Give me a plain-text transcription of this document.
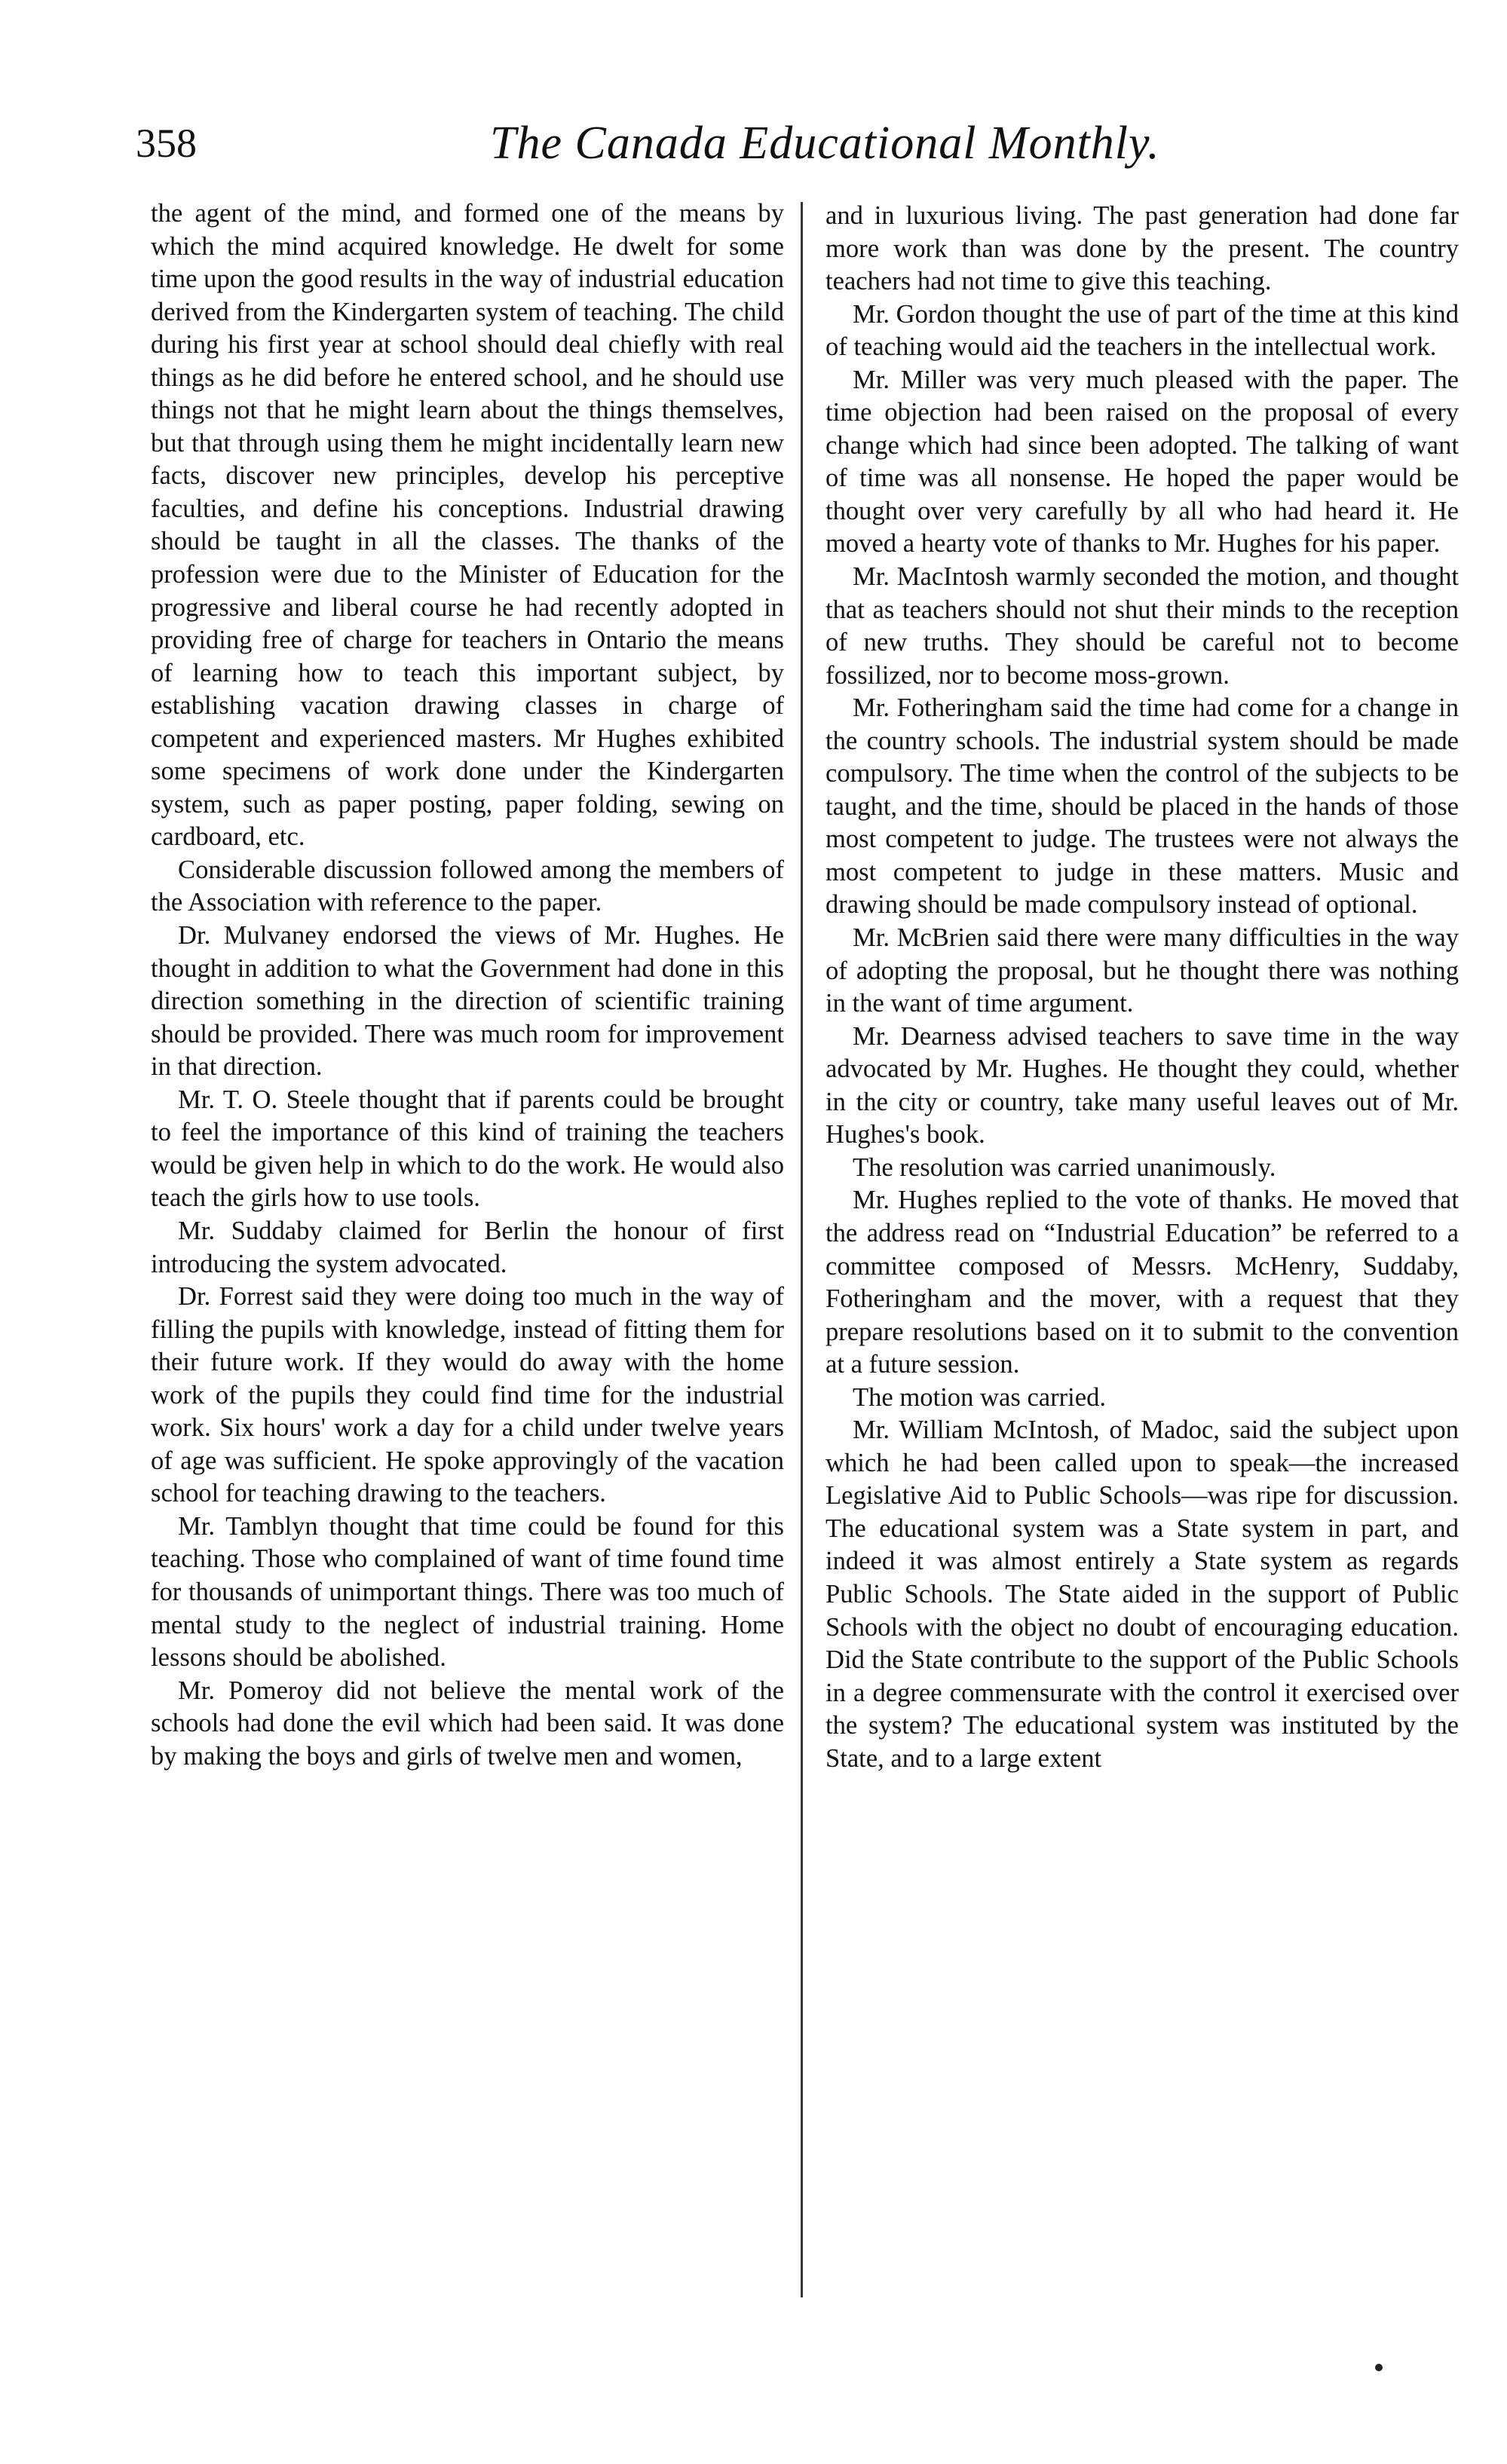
358	The Canada Educational Monthly.

the agent of the mind, and formed one of the means by which the mind acquired knowledge. He dwelt for some time upon the good results in the way of industrial education derived from the Kindergarten system of teaching. The child during his first year at school should deal chiefly with real things as he did before he entered school, and he should use things not that he might learn about the things themselves, but that through using them he might incidentally learn new facts, discover new principles, develop his perceptive faculties, and define his conceptions. Industrial drawing should be taught in all the classes. The thanks of the profession were due to the Minister of Education for the progressive and liberal course he had recently adopted in providing free of charge for teachers in Ontario the means of learning how to teach this important subject, by establishing vacation drawing classes in charge of competent and experienced masters. Mr Hughes exhibited some specimens of work done under the Kindergarten system, such as paper posting, paper folding, sewing on cardboard, etc.

Considerable discussion followed among the members of the Association with reference to the paper.

Dr. Mulvaney endorsed the views of Mr. Hughes. He thought in addition to what the Government had done in this direction something in the direction of scientific training should be provided. There was much room for improvement in that direction.

Mr. T. O. Steele thought that if parents could be brought to feel the importance of this kind of training the teachers would be given help in which to do the work. He would also teach the girls how to use tools.

Mr. Suddaby claimed for Berlin the honour of first introducing the system advocated.

Dr. Forrest said they were doing too much in the way of filling the pupils with knowledge, instead of fitting them for their future work. If they would do away with the home work of the pupils they could find time for the industrial work. Six hours' work a day for a child under twelve years of age was sufficient. He spoke approvingly of the vacation school for teaching drawing to the teachers.

Mr. Tamblyn thought that time could be found for this teaching. Those who complained of want of time found time for thousands of unimportant things. There was too much of mental study to the neglect of industrial training. Home lessons should be abolished.

Mr. Pomeroy did not believe the mental work of the schools had done the evil which had been said. It was done by making the boys and girls of twelve men and women,

and in luxurious living. The past generation had done far more work than was done by the present. The country teachers had not time to give this teaching.

Mr. Gordon thought the use of part of the time at this kind of teaching would aid the teachers in the intellectual work.

Mr. Miller was very much pleased with the paper. The time objection had been raised on the proposal of every change which had since been adopted. The talking of want of time was all nonsense. He hoped the paper would be thought over very carefully by all who had heard it. He moved a hearty vote of thanks to Mr. Hughes for his paper.

Mr. MacIntosh warmly seconded the motion, and thought that as teachers should not shut their minds to the reception of new truths. They should be careful not to become fossilized, nor to become moss-grown.

Mr. Fotheringham said the time had come for a change in the country schools. The industrial system should be made compulsory. The time when the control of the subjects to be taught, and the time, should be placed in the hands of those most competent to judge. The trustees were not always the most competent to judge in these matters. Music and drawing should be made compulsory instead of optional.

Mr. McBrien said there were many difficulties in the way of adopting the proposal, but he thought there was nothing in the want of time argument.

Mr. Dearness advised teachers to save time in the way advocated by Mr. Hughes. He thought they could, whether in the city or country, take many useful leaves out of Mr. Hughes's book.

The resolution was carried unanimously.

Mr. Hughes replied to the vote of thanks. He moved that the address read on “Industrial Education” be referred to a committee composed of Messrs. McHenry, Suddaby, Fotheringham and the mover, with a request that they prepare resolutions based on it to submit to the convention at a future session.

The motion was carried.

Mr. William McIntosh, of Madoc, said the subject upon which he had been called upon to speak—the increased Legislative Aid to Public Schools—was ripe for discussion. The educational system was a State system in part, and indeed it was almost entirely a State system as regards Public Schools. The State aided in the support of Public Schools with the object no doubt of encouraging education. Did the State contribute to the support of the Public Schools in a degree commensurate with the control it exercised over the system? The educational system was instituted by the State, and to a large extent
